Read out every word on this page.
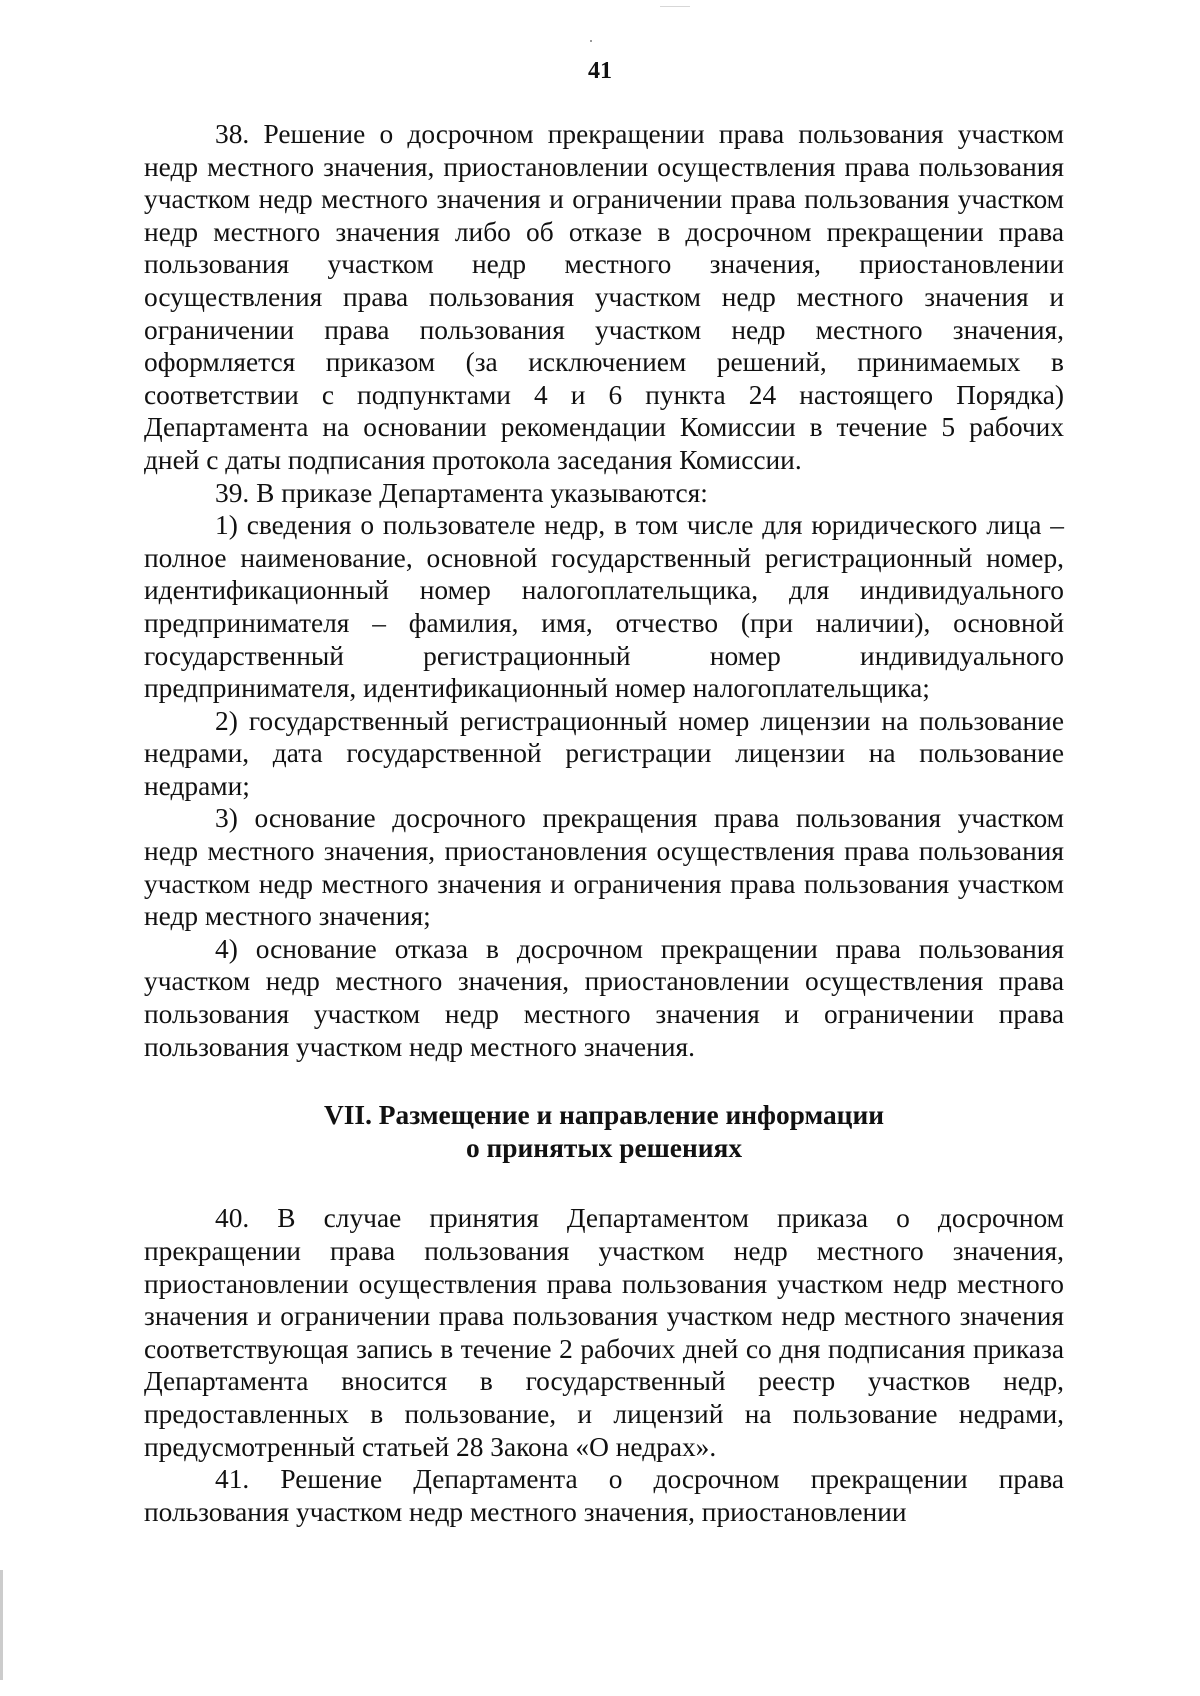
41

38. Решение о досрочном прекращении права пользования участком недр местного значения, приостановлении осуществления права пользования участком недр местного значения и ограничении права пользования участком недр местного значения либо об отказе в досрочном прекращении права пользования участком недр местного значения, приостановлении осуществления права пользования участком недр местного значения и ограничении права пользования участком недр местного значения, оформляется приказом (за исключением решений, принимаемых в соответствии с подпунктами 4 и 6 пункта 24 настоящего Порядка) Департамента на основании рекомендации Комиссии в течение 5 рабочих дней с даты подписания протокола заседания Комиссии.

39. В приказе Департамента указываются:

1) сведения о пользователе недр, в том числе для юридического лица – полное наименование, основной государственный регистрационный номер, идентификационный номер налогоплательщика, для индивидуального предпринимателя – фамилия, имя, отчество (при наличии), основной государственный регистрационный номер индивидуального предпринимателя, идентификационный номер налогоплательщика;

2) государственный регистрационный номер лицензии на пользование недрами, дата государственной регистрации лицензии на пользование недрами;

3) основание досрочного прекращения права пользования участком недр местного значения, приостановления осуществления права пользования участком недр местного значения и ограничения права пользования участком недр местного значения;

4) основание отказа в досрочном прекращении права пользования участком недр местного значения, приостановлении осуществления права пользования участком недр местного значения и ограничении права пользования участком недр местного значения.

VII. Размещение и направление информации
о принятых решениях

40. В случае принятия Департаментом приказа о досрочном прекращении права пользования участком недр местного значения, приостановлении осуществления права пользования участком недр местного значения и ограничении права пользования участком недр местного значения соответствующая запись в течение 2 рабочих дней со дня подписания приказа Департамента вносится в государственный реестр участков недр, предоставленных в пользование, и лицензий на пользование недрами, предусмотренный статьей 28 Закона «О недрах».

41. Решение Департамента о досрочном прекращении права пользования участком недр местного значения, приостановлении
